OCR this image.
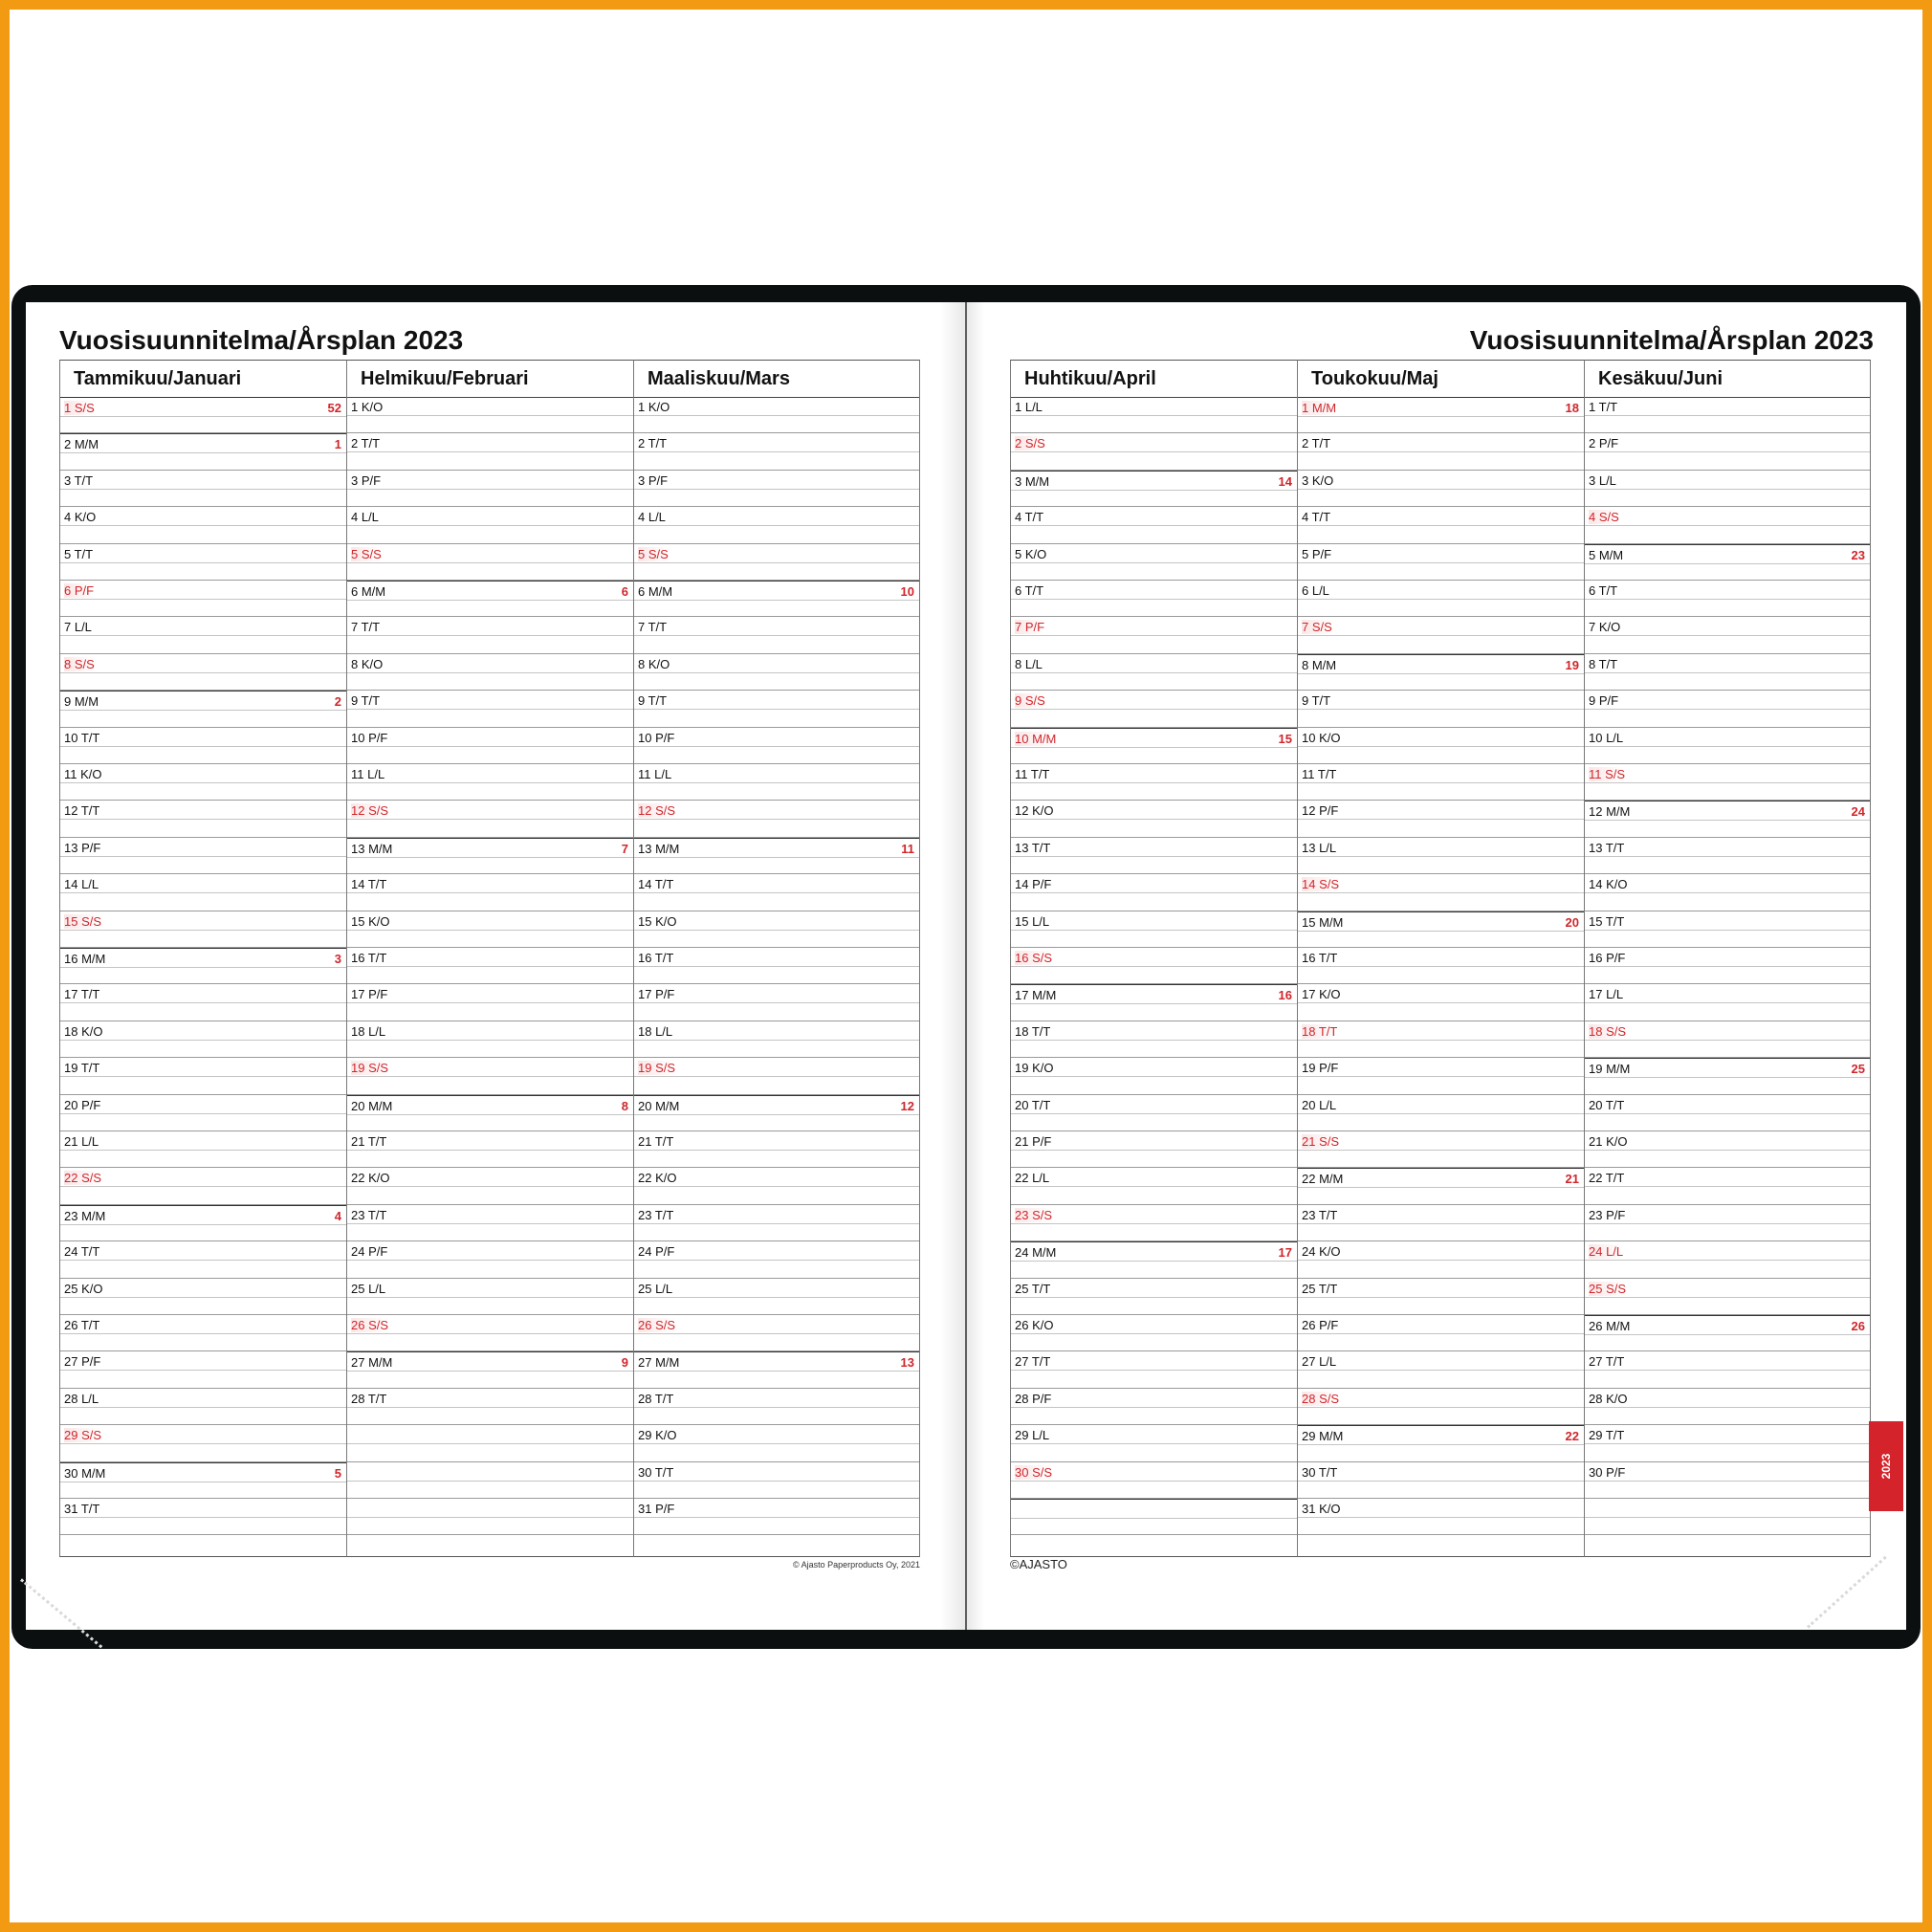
Vuosisuunnitelma/Årsplan 2023
Tammikuu/Januari
1 S/S	52
2 M/M	1
3 T/T
4 K/O
5 T/T
6 P/F
7 L/L
8 S/S
9 M/M	2
10 T/T
11 K/O
12 T/T
13 P/F
14 L/L
15 S/S
16 M/M	3
17 T/T
18 K/O
19 T/T
20 P/F
21 L/L
22 S/S
23 M/M	4
24 T/T
25 K/O
26 T/T
27 P/F
28 L/L
29 S/S
30 M/M	5
31 T/T
Helmikuu/Februari
1 K/O
2 T/T
3 P/F
4 L/L
5 S/S
6 M/M	6
7 T/T
8 K/O
9 T/T
10 P/F
11 L/L
12 S/S
13 M/M	7
14 T/T
15 K/O
16 T/T
17 P/F
18 L/L
19 S/S
20 M/M	8
21 T/T
22 K/O
23 T/T
24 P/F
25 L/L
26 S/S
27 M/M	9
28 T/T
Maaliskuu/Mars
1 K/O
2 T/T
3 P/F
4 L/L
5 S/S
6 M/M	10
7 T/T
8 K/O
9 T/T
10 P/F
11 L/L
12 S/S
13 M/M	11
14 T/T
15 K/O
16 T/T
17 P/F
18 L/L
19 S/S
20 M/M	12
21 T/T
22 K/O
23 T/T
24 P/F
25 L/L
26 S/S
27 M/M	13
28 T/T
29 K/O
30 T/T
31 P/F
© Ajasto Paperproducts Oy, 2021
Vuosisuunnitelma/Årsplan 2023
Huhtikuu/April
1 L/L
2 S/S
3 M/M	14
4 T/T
5 K/O
6 T/T
7 P/F
8 L/L
9 S/S
10 M/M	15
11 T/T
12 K/O
13 T/T
14 P/F
15 L/L
16 S/S
17 M/M	16
18 T/T
19 K/O
20 T/T
21 P/F
22 L/L
23 S/S
24 M/M	17
25 T/T
26 K/O
27 T/T
28 P/F
29 L/L
30 S/S
Toukokuu/Maj
1 M/M	18
2 T/T
3 K/O
4 T/T
5 P/F
6 L/L
7 S/S
8 M/M	19
9 T/T
10 K/O
11 T/T
12 P/F
13 L/L
14 S/S
15 M/M	20
16 T/T
17 K/O
18 T/T
19 P/F
20 L/L
21 S/S
22 M/M	21
23 T/T
24 K/O
25 T/T
26 P/F
27 L/L
28 S/S
29 M/M	22
30 T/T
31 K/O
Kesäkuu/Juni
1 T/T
2 P/F
3 L/L
4 S/S
5 M/M	23
6 T/T
7 K/O
8 T/T
9 P/F
10 L/L
11 S/S
12 M/M	24
13 T/T
14 K/O
15 T/T
16 P/F
17 L/L
18 S/S
19 M/M	25
20 T/T
21 K/O
22 T/T
23 P/F
24 L/L
25 S/S
26 M/M	26
27 T/T
28 K/O
29 T/T
30 P/F
©AJASTO
2023
